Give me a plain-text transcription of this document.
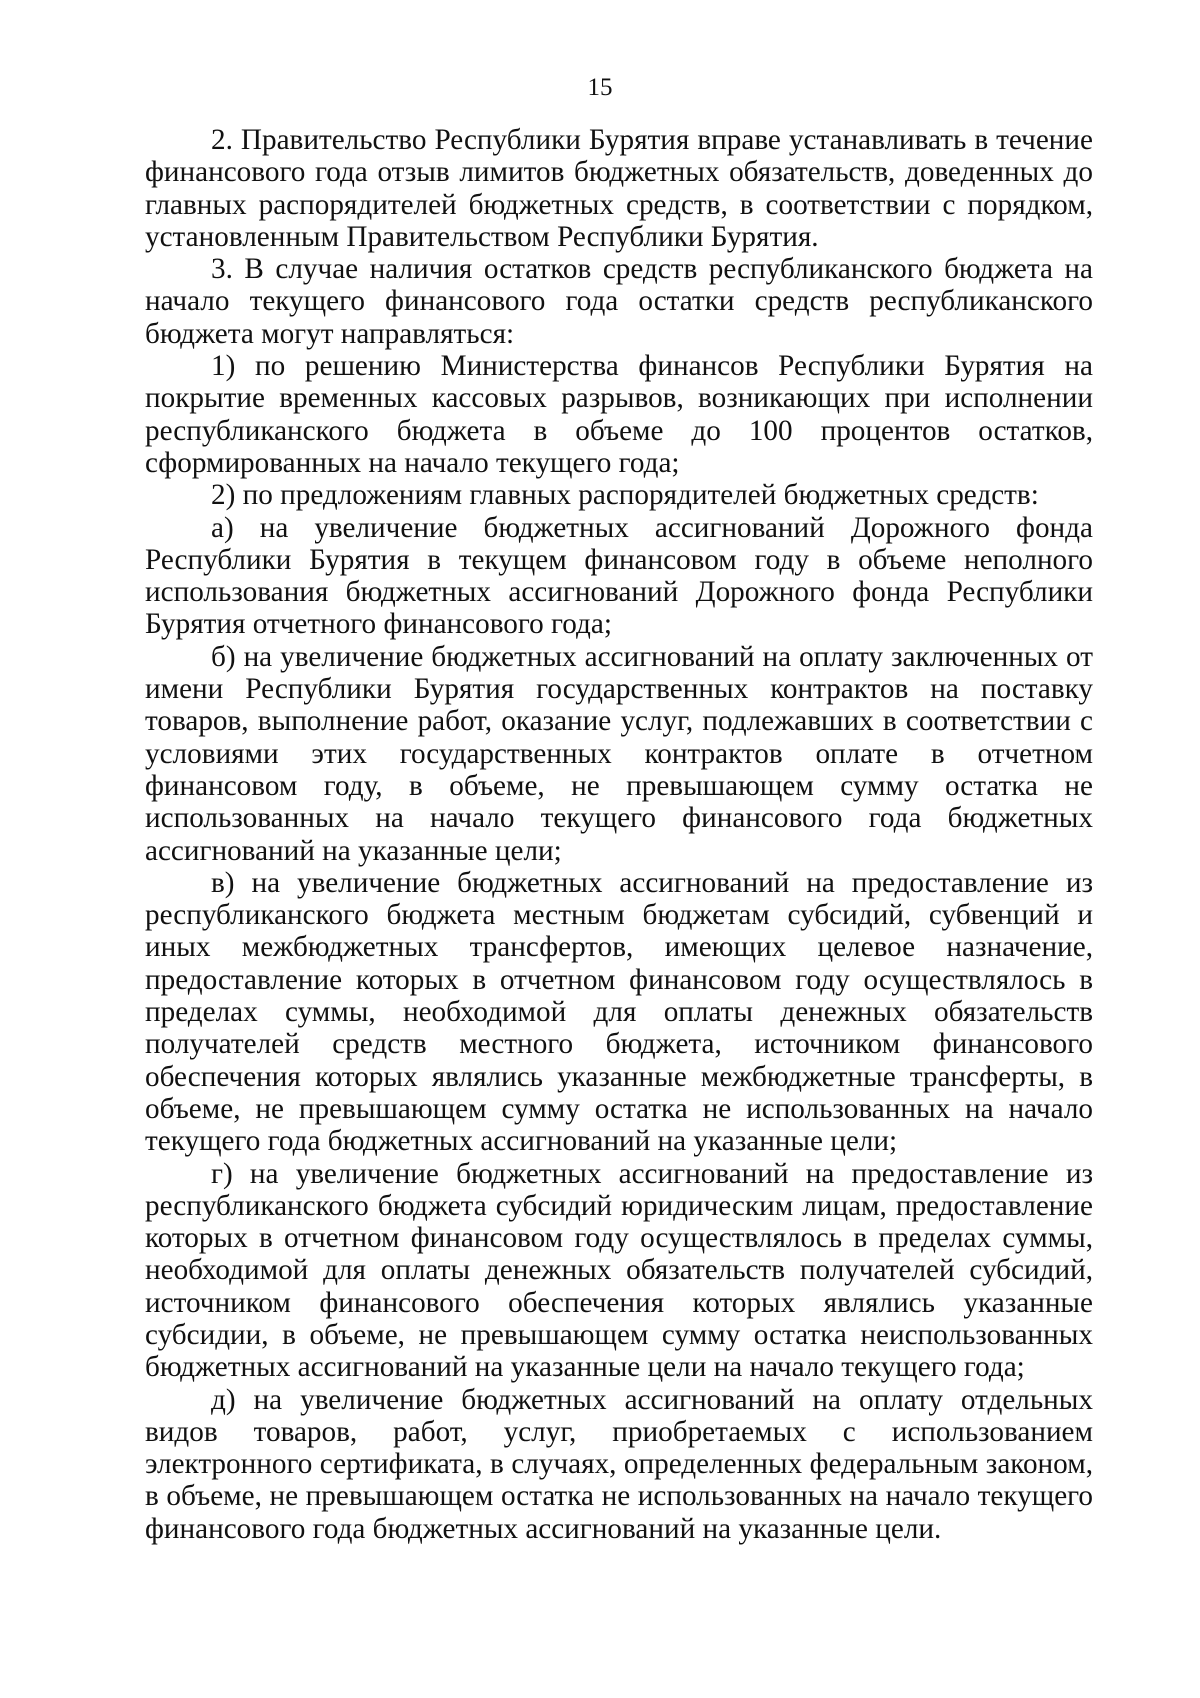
15

2. Правительство Республики Бурятия вправе устанавливать в течение финансового года отзыв лимитов бюджетных обязательств, доведенных до главных распорядителей бюджетных средств, в соответствии с порядком, установленным Правительством Республики Бурятия.

3. В случае наличия остатков средств республиканского бюджета на начало текущего финансового года остатки средств республиканского бюджета могут направляться:

1) по решению Министерства финансов Республики Бурятия на покрытие временных кассовых разрывов, возникающих при исполнении республиканского бюджета в объеме до 100 процентов остатков, сформированных на начало текущего года;

2) по предложениям главных распорядителей бюджетных средств:

а) на увеличение бюджетных ассигнований Дорожного фонда Республики Бурятия в текущем финансовом году в объеме неполного использования бюджетных ассигнований Дорожного фонда Республики Бурятия отчетного финансового года;

б) на увеличение бюджетных ассигнований на оплату заключенных от имени Республики Бурятия государственных контрактов на поставку товаров, выполнение работ, оказание услуг, подлежавших в соответствии с условиями этих государственных контрактов оплате в отчетном финансовом году, в объеме, не превышающем сумму остатка не использованных на начало текущего финансового года бюджетных ассигнований на указанные цели;

в) на увеличение бюджетных ассигнований на предоставление из республиканского бюджета местным бюджетам субсидий, субвенций и иных межбюджетных трансфертов, имеющих целевое назначение, предоставление которых в отчетном финансовом году осуществлялось в пределах суммы, необходимой для оплаты денежных обязательств получателей средств местного бюджета, источником финансового обеспечения которых являлись указанные межбюджетные трансферты, в объеме, не превышающем сумму остатка не использованных на начало текущего года бюджетных ассигнований на указанные цели;

г) на увеличение бюджетных ассигнований на предоставление из республиканского бюджета субсидий юридическим лицам, предоставление которых в отчетном финансовом году осуществлялось в пределах суммы, необходимой для оплаты денежных обязательств получателей субсидий, источником финансового обеспечения которых являлись указанные субсидии, в объеме, не превышающем сумму остатка неиспользованных бюджетных ассигнований на указанные цели на начало текущего года;

д) на увеличение бюджетных ассигнований на оплату отдельных видов товаров, работ, услуг, приобретаемых с использованием электронного сертификата, в случаях, определенных федеральным законом, в объеме, не превышающем остатка не использованных на начало текущего финансового года бюджетных ассигнований на указанные цели.
